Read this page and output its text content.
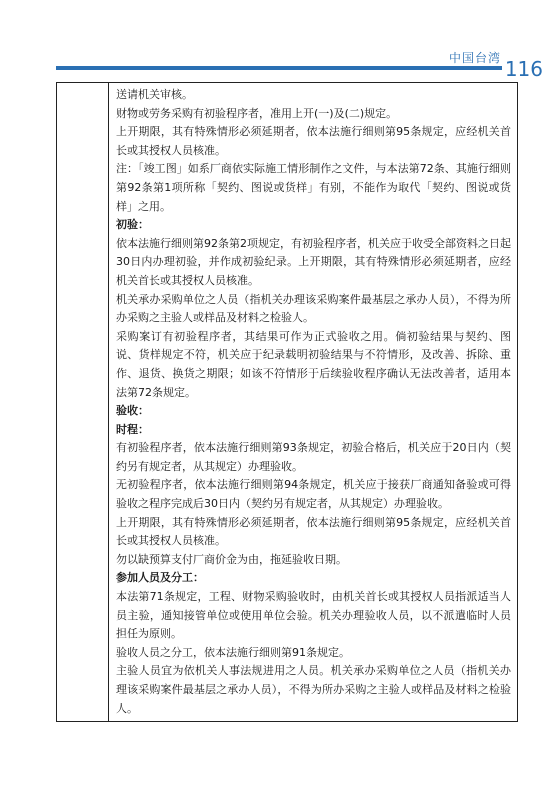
中国台湾 116

送请机关审核。

财物或劳务采购有初验程序者，准用上开(一)及(二)规定。

上开期限，其有特殊情形必须延期者，依本法施行细则第95条规定，应经机关首长或其授权人员核准。

注：「竣工图」如系厂商依实际施工情形制作之文件，与本法第72条、其施行细则第92条第1项所称「契约、图说或货样」有别，不能作为取代「契约、图说或货样」之用。

初验：

依本法施行细则第92条第2项规定，有初验程序者，机关应于收受全部资料之日起30日内办理初验，并作成初验纪录。上开期限，其有特殊情形必须延期者，应经机关首长或其授权人员核准。

机关承办采购单位之人员（指机关办理该采购案件最基层之承办人员），不得为所办采购之主验人或样品及材料之检验人。

采购案订有初验程序者，其结果可作为正式验收之用。倘初验结果与契约、图说、货样规定不符，机关应于纪录载明初验结果与不符情形，及改善、拆除、重作、退货、换货之期限；如该不符情形于后续验收程序确认无法改善者，适用本法第72条规定。

验收：

时程：

有初验程序者，依本法施行细则第93条规定，初验合格后，机关应于20日内（契约另有规定者，从其规定）办理验收。

无初验程序者，依本法施行细则第94条规定，机关应于接获厂商通知备验或可得验收之程序完成后30日内（契约另有规定者，从其规定）办理验收。

上开期限，其有特殊情形必须延期者，依本法施行细则第95条规定，应经机关首长或其授权人员核准。

勿以缺预算支付厂商价金为由，拖延验收日期。

参加人员及分工：

本法第71条规定，工程、财物采购验收时，由机关首长或其授权人员指派适当人员主验，通知接管单位或使用单位会验。机关办理验收人员，以不派遣临时人员担任为原则。

验收人员之分工，依本法施行细则第91条规定。

主验人员宜为依机关人事法规进用之人员。机关承办采购单位之人员（指机关办理该采购案件最基层之承办人员），不得为所办采购之主验人或样品及材料之检验人。
